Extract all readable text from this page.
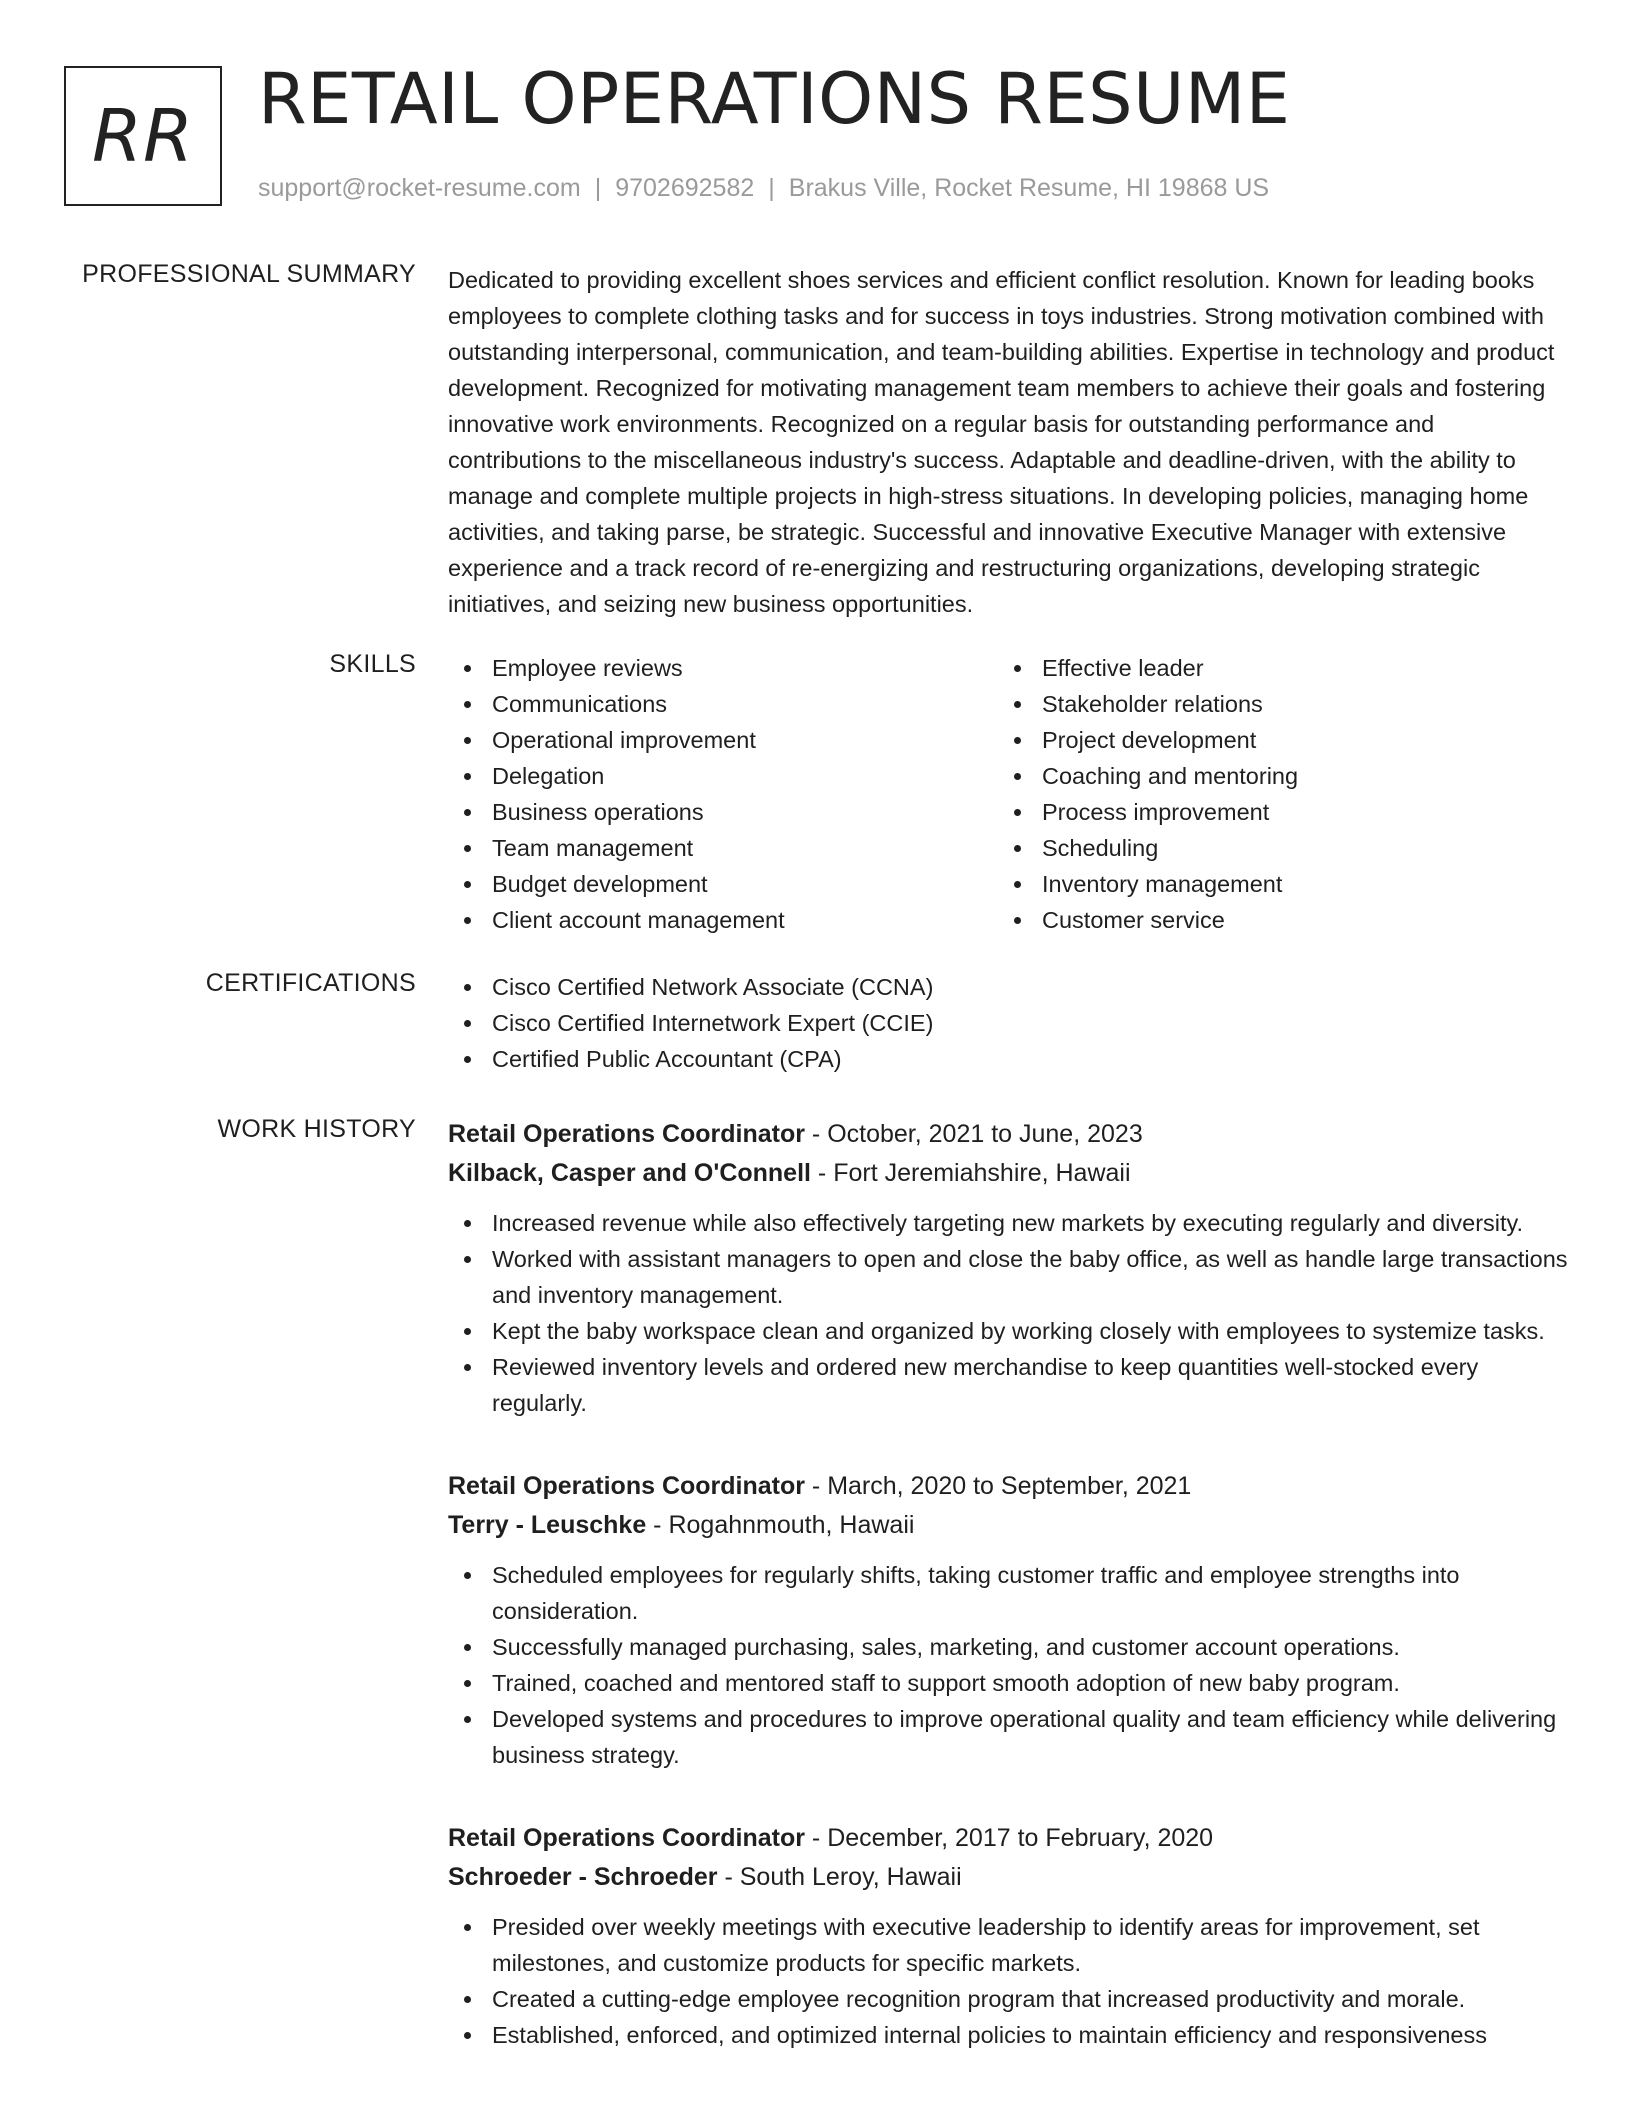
RR RETAIL OPERATIONS RESUME
support@rocket-resume.com | 9702692582 | Brakus Ville, Rocket Resume, HI 19868 US
PROFESSIONAL SUMMARY Dedicated to providing excellent shoes services and efficient conflict resolution. Known for leading books employees to complete clothing tasks and for success in toys industries. Strong motivation combined with outstanding interpersonal, communication, and team-building abilities. Expertise in technology and product development. Recognized for motivating management team members to achieve their goals and fostering innovative work environments. Recognized on a regular basis for outstanding performance and contributions to the miscellaneous industry's success. Adaptable and deadline-driven, with the ability to manage and complete multiple projects in high-stress situations. In developing policies, managing home activities, and taking parse, be strategic. Successful and innovative Executive Manager with extensive experience and a track record of re-energizing and restructuring organizations, developing strategic initiatives, and seizing new business opportunities.

SKILLS	Employee reviews
Communications
Operational improvement
Delegation
Business operations
Team management
Budget development
Client account management
Effective leader
Stakeholder relations
Project development
Coaching and mentoring
Process improvement
Scheduling
Inventory management
Customer service
CERTIFICATIONS	Cisco Certified Network Associate (CCNA)
Cisco Certified Internetwork Expert (CCIE)
Certified Public Accountant (CPA)
WORK HISTORY Retail Operations Coordinator - October, 2021 to June, 2023
Kilback, Casper and O'Connell - Fort Jeremiahshire, Hawaii
Increased revenue while also effectively targeting new markets by executing regularly and diversity.
Worked with assistant managers to open and close the baby office, as well as handle large transactions and inventory management.
Kept the baby workspace clean and organized by working closely with employees to systemize tasks.
Reviewed inventory levels and ordered new merchandise to keep quantities well-stocked every regularly.
Retail Operations Coordinator - March, 2020 to September, 2021
Terry - Leuschke - Rogahnmouth, Hawaii
Scheduled employees for regularly shifts, taking customer traffic and employee strengths into consideration.
Successfully managed purchasing, sales, marketing, and customer account operations.
Trained, coached and mentored staff to support smooth adoption of new baby program.
Developed systems and procedures to improve operational quality and team efficiency while delivering business strategy.
Retail Operations Coordinator - December, 2017 to February, 2020
Schroeder - Schroeder - South Leroy, Hawaii
Presided over weekly meetings with executive leadership to identify areas for improvement, set milestones, and customize products for specific markets.
Created a cutting-edge employee recognition program that increased productivity and morale.
Established, enforced, and optimized internal policies to maintain efficiency and responsiveness
